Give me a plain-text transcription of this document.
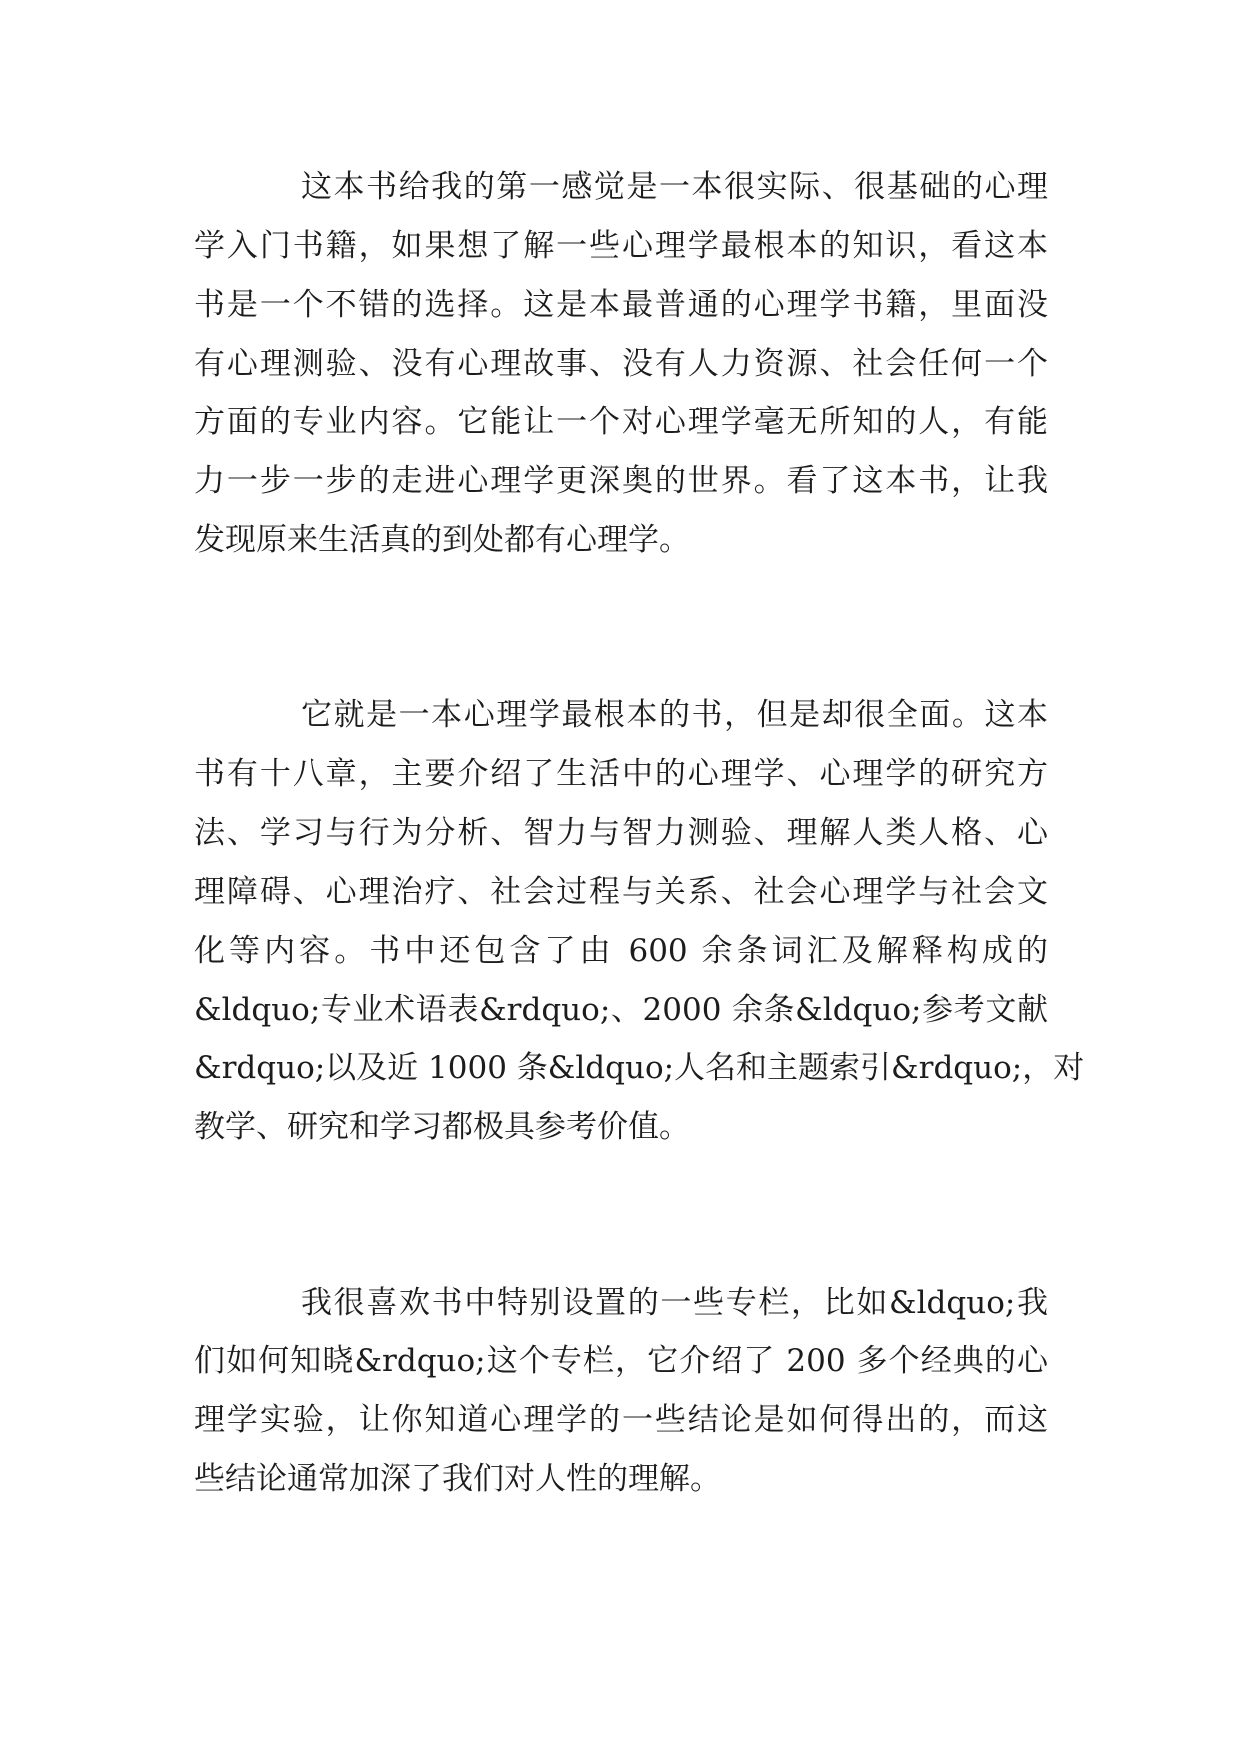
这本书给我的第一感觉是一本很实际、很基础的心理
学入门书籍，如果想了解一些心理学最根本的知识，看这本
书是一个不错的选择。这是本最普通的心理学书籍，里面没
有心理测验、没有心理故事、没有人力资源、社会任何一个
方面的专业内容。它能让一个对心理学毫无所知的人，有能
力一步一步的走进心理学更深奥的世界。看了这本书，让我
发现原来生活真的到处都有心理学。
它就是一本心理学最根本的书，但是却很全面。这本
书有十八章，主要介绍了生活中的心理学、心理学的研究方
法、学习与行为分析、智力与智力测验、理解人类人格、心
理障碍、心理治疗、社会过程与关系、社会心理学与社会文
化等内容。书中还包含了由 600 余条词汇及解释构成的
&ldquo;专业术语表&rdquo;、2000 余条&ldquo;参考文献
&rdquo;以及近 1000 条&ldquo;人名和主题索引&rdquo;，对
教学、研究和学习都极具参考价值。
我很喜欢书中特别设置的一些专栏，比如&ldquo;我
们如何知晓&rdquo;这个专栏，它介绍了 200 多个经典的心
理学实验，让你知道心理学的一些结论是如何得出的，而这
些结论通常加深了我们对人性的理解。
